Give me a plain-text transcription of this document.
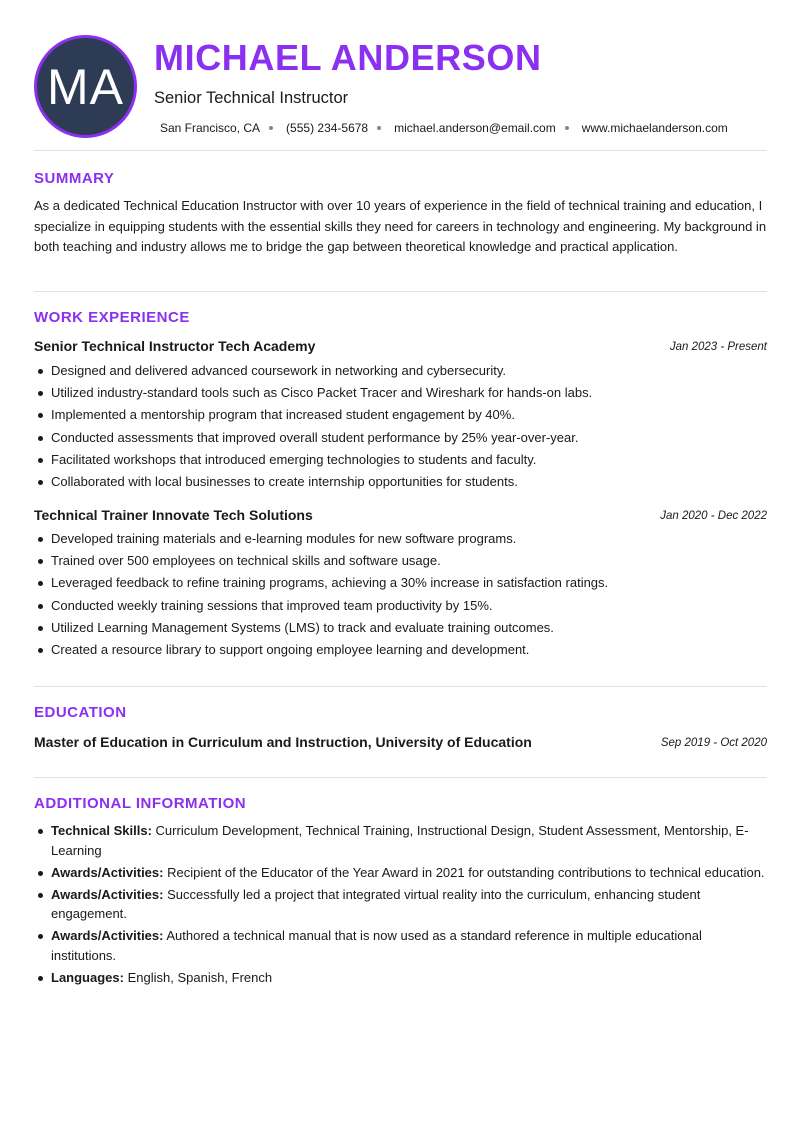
MA
MICHAEL ANDERSON
Senior Technical Instructor
San Francisco, CA (555) 234-5678 michael.anderson@email.com www.michaelanderson.com
SUMMARY
As a dedicated Technical Education Instructor with over 10 years of experience in the field of technical training and education, I specialize in equipping students with the essential skills they need for careers in technology and engineering. My background in both teaching and industry allows me to bridge the gap between theoretical knowledge and practical application.
WORK EXPERIENCE
Senior Technical Instructor Tech Academy	Jan 2023 - Present
Designed and delivered advanced coursework in networking and cybersecurity.
Utilized industry-standard tools such as Cisco Packet Tracer and Wireshark for hands-on labs.
Implemented a mentorship program that increased student engagement by 40%.
Conducted assessments that improved overall student performance by 25% year-over-year.
Facilitated workshops that introduced emerging technologies to students and faculty.
Collaborated with local businesses to create internship opportunities for students.
Technical Trainer Innovate Tech Solutions	Jan 2020 - Dec 2022
Developed training materials and e-learning modules for new software programs.
Trained over 500 employees on technical skills and software usage.
Leveraged feedback to refine training programs, achieving a 30% increase in satisfaction ratings.
Conducted weekly training sessions that improved team productivity by 15%.
Utilized Learning Management Systems (LMS) to track and evaluate training outcomes.
Created a resource library to support ongoing employee learning and development.
EDUCATION
Master of Education in Curriculum and Instruction, University of Education	Sep 2019 - Oct 2020
ADDITIONAL INFORMATION
Technical Skills: Curriculum Development, Technical Training, Instructional Design, Student Assessment, Mentorship, E-Learning
Awards/Activities: Recipient of the Educator of the Year Award in 2021 for outstanding contributions to technical education.
Awards/Activities: Successfully led a project that integrated virtual reality into the curriculum, enhancing student engagement.
Awards/Activities: Authored a technical manual that is now used as a standard reference in multiple educational institutions.
Languages: English, Spanish, French
